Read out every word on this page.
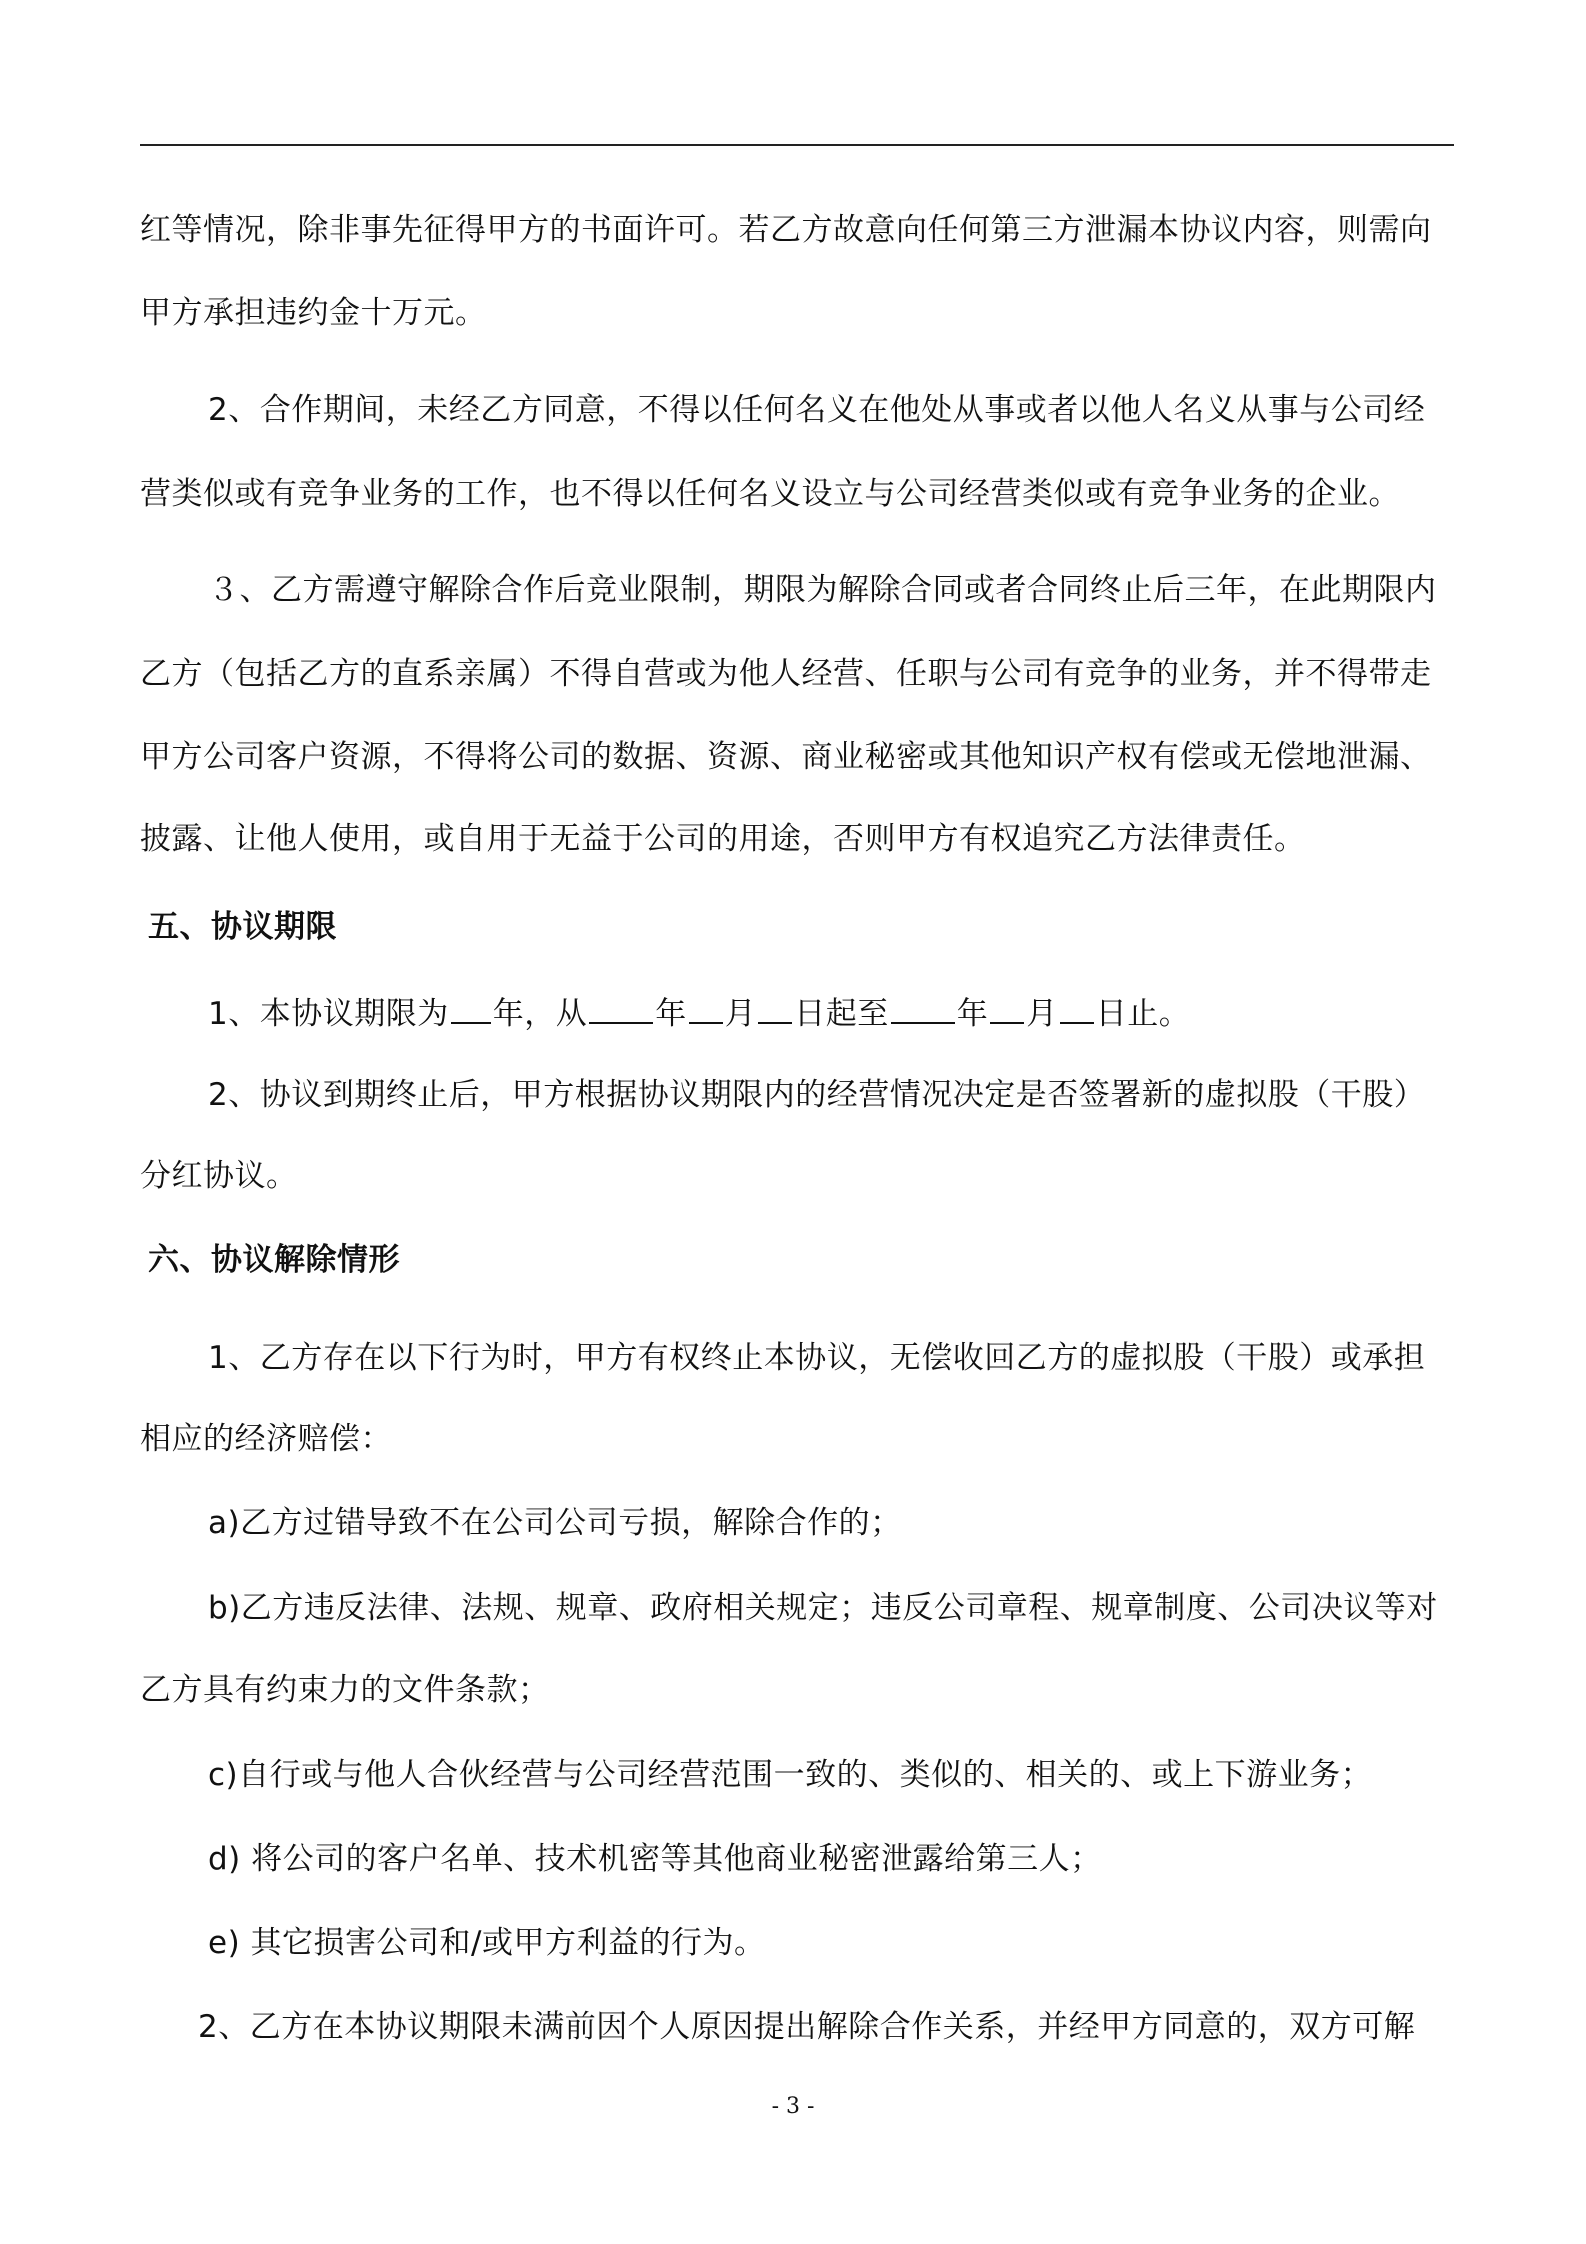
红等情况，除非事先征得甲方的书面许可。若乙方故意向任何第三方泄漏本协议内容，则需向
甲方承担违约金十万元。
2、合作期间，未经乙方同意，不得以任何名义在他处从事或者以他人名义从事与公司经
营类似或有竞争业务的工作，也不得以任何名义设立与公司经营类似或有竞争业务的企业。
３、乙方需遵守解除合作后竞业限制，期限为解除合同或者合同终止后三年，在此期限内
乙方（包括乙方的直系亲属）不得自营或为他人经营、任职与公司有竞争的业务，并不得带走
甲方公司客户资源，不得将公司的数据、资源、商业秘密或其他知识产权有偿或无偿地泄漏、
披露、让他人使用，或自用于无益于公司的用途，否则甲方有权追究乙方法律责任。
五、协议期限
1、本协议期限为 年，从 年 月 日起至 年 月 日止。
2、协议到期终止后，甲方根据协议期限内的经营情况决定是否签署新的虚拟股（干股）
分红协议。
六、协议解除情形
1、乙方存在以下行为时，甲方有权终止本协议，无偿收回乙方的虚拟股（干股）或承担
相应的经济赔偿：
a)乙方过错导致不在公司公司亏损，解除合作的；
b)乙方违反法律、法规、规章、政府相关规定；违反公司章程、规章制度、公司决议等对
乙方具有约束力的文件条款；
c)自行或与他人合伙经营与公司经营范围一致的、类似的、相关的、或上下游业务；
d) 将公司的客户名单、技术机密等其他商业秘密泄露给第三人；
e) 其它损害公司和/或甲方利益的行为。
2、乙方在本协议期限未满前因个人原因提出解除合作关系，并经甲方同意的，双方可解
- 3 -
